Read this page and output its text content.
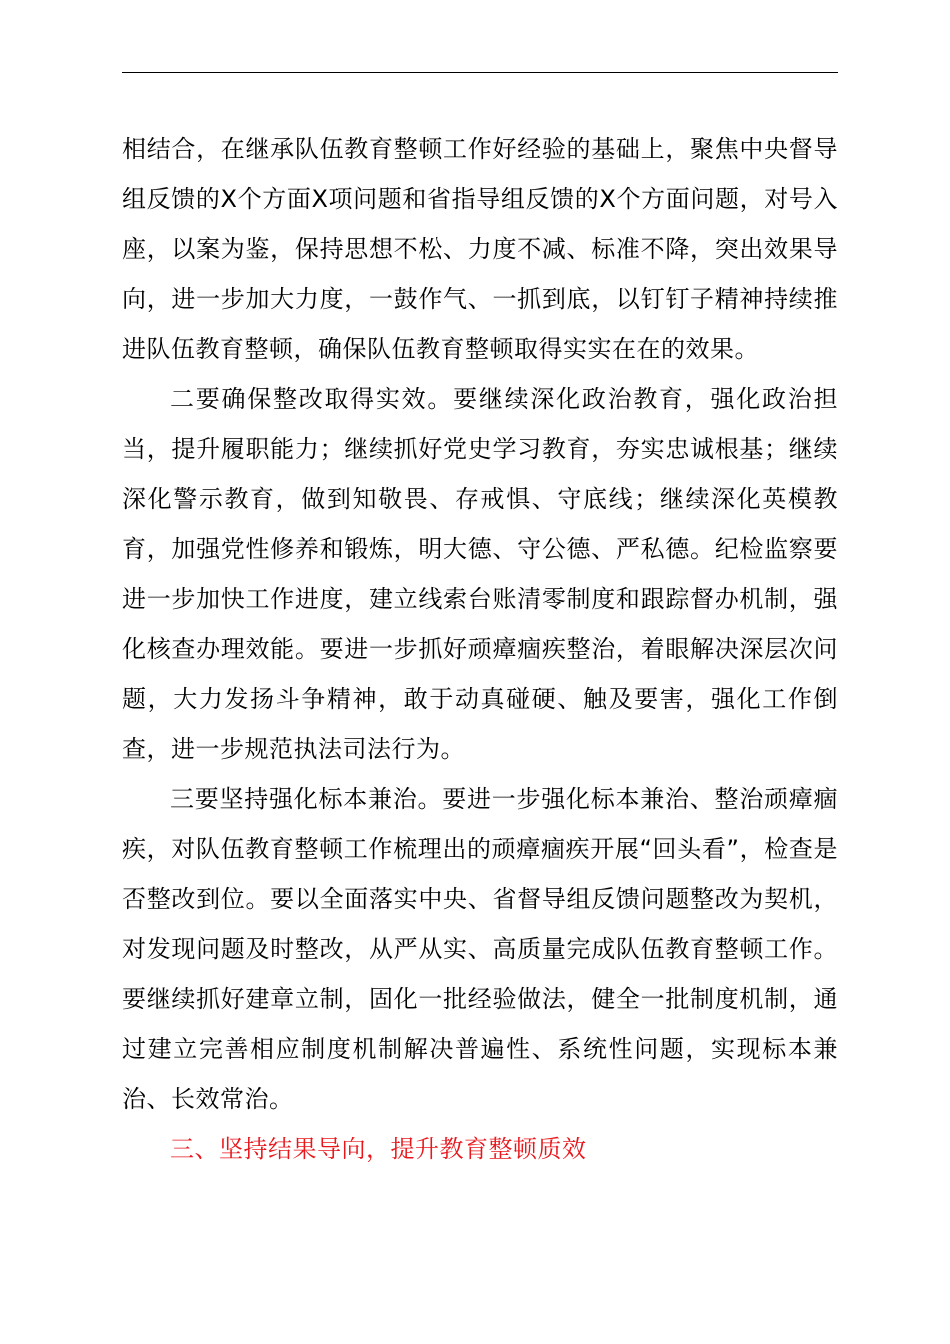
相结合，在继承队伍教育整顿工作好经验的基础上，聚焦中央督导组反馈的X个方面X项问题和省指导组反馈的X个方面问题，对号入座，以案为鉴，保持思想不松、力度不减、标准不降，突出效果导向，进一步加大力度，一鼓作气、一抓到底，以钉钉子精神持续推进队伍教育整顿，确保队伍教育整顿取得实实在在的效果。

二要确保整改取得实效。要继续深化政治教育，强化政治担当，提升履职能力；继续抓好党史学习教育，夯实忠诚根基；继续深化警示教育，做到知敬畏、存戒惧、守底线；继续深化英模教育，加强党性修养和锻炼，明大德、守公德、严私德。纪检监察要进一步加快工作进度，建立线索台账清零制度和跟踪督办机制，强化核查办理效能。要进一步抓好顽瘴痼疾整治，着眼解决深层次问题，大力发扬斗争精神，敢于动真碰硬、触及要害，强化工作倒查，进一步规范执法司法行为。

三要坚持强化标本兼治。要进一步强化标本兼治、整治顽瘴痼疾，对队伍教育整顿工作梳理出的顽瘴痼疾开展“回头看”，检查是否整改到位。要以全面落实中央、省督导组反馈问题整改为契机，对发现问题及时整改，从严从实、高质量完成队伍教育整顿工作。要继续抓好建章立制，固化一批经验做法，健全一批制度机制，通过建立完善相应制度机制解决普遍性、系统性问题，实现标本兼治、长效常治。

三、坚持结果导向，提升教育整顿质效
